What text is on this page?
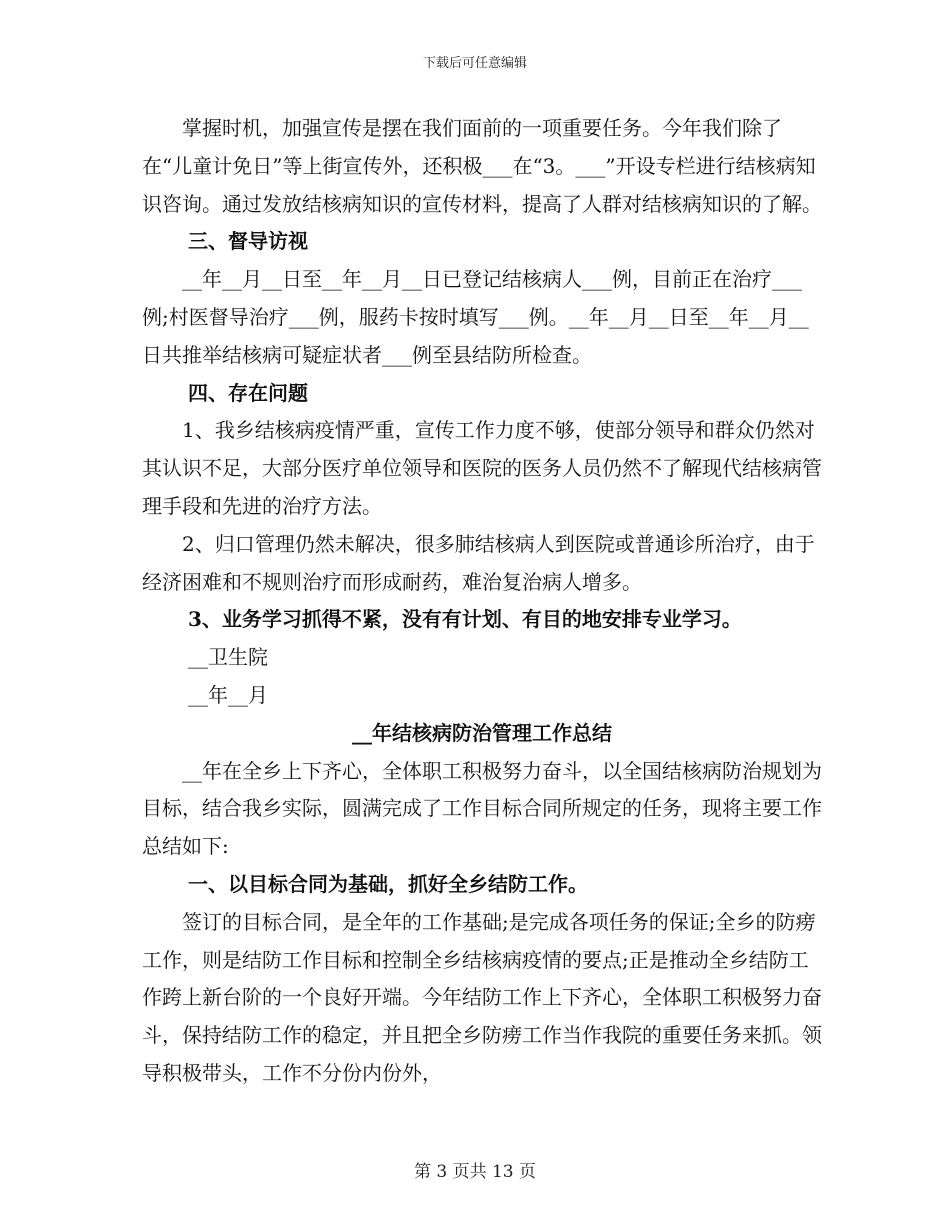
下载后可任意编辑

掌握时机，加强宣传是摆在我们面前的一项重要任务。今年我们除了在“儿童计免日”等上街宣传外，还积极___在“3。___”开设专栏进行结核病知识咨询。通过发放结核病知识的宣传材料，提高了人群对结核病知识的了解。

三、督导访视

__年__月__日至__年__月__日已登记结核病人___例，目前正在治疗___例;村医督导治疗___例，服药卡按时填写___例。__年__月__日至__年__月__日共推举结核病可疑症状者___例至县结防所检查。

四、存在问题

1、我乡结核病疫情严重，宣传工作力度不够，使部分领导和群众仍然对其认识不足，大部分医疗单位领导和医院的医务人员仍然不了解现代结核病管理手段和先进的治疗方法。

2、归口管理仍然未解决，很多肺结核病人到医院或普通诊所治疗，由于经济困难和不规则治疗而形成耐药，难治复治病人增多。

3、业务学习抓得不紧，没有有计划、有目的地安排专业学习。

__卫生院

__年__月

__年结核病防治管理工作总结

__年在全乡上下齐心，全体职工积极努力奋斗，以全国结核病防治规划为目标，结合我乡实际，圆满完成了工作目标合同所规定的任务，现将主要工作总结如下:

一、以目标合同为基础，抓好全乡结防工作。

签订的目标合同，是全年的工作基础;是完成各项任务的保证;全乡的防痨工作，则是结防工作目标和控制全乡结核病疫情的要点;正是推动全乡结防工作跨上新台阶的一个良好开端。今年结防工作上下齐心，全体职工积极努力奋斗，保持结防工作的稳定，并且把全乡防痨工作当作我院的重要任务来抓。领导积极带头，工作不分份内份外，

第 3 页共 13 页
